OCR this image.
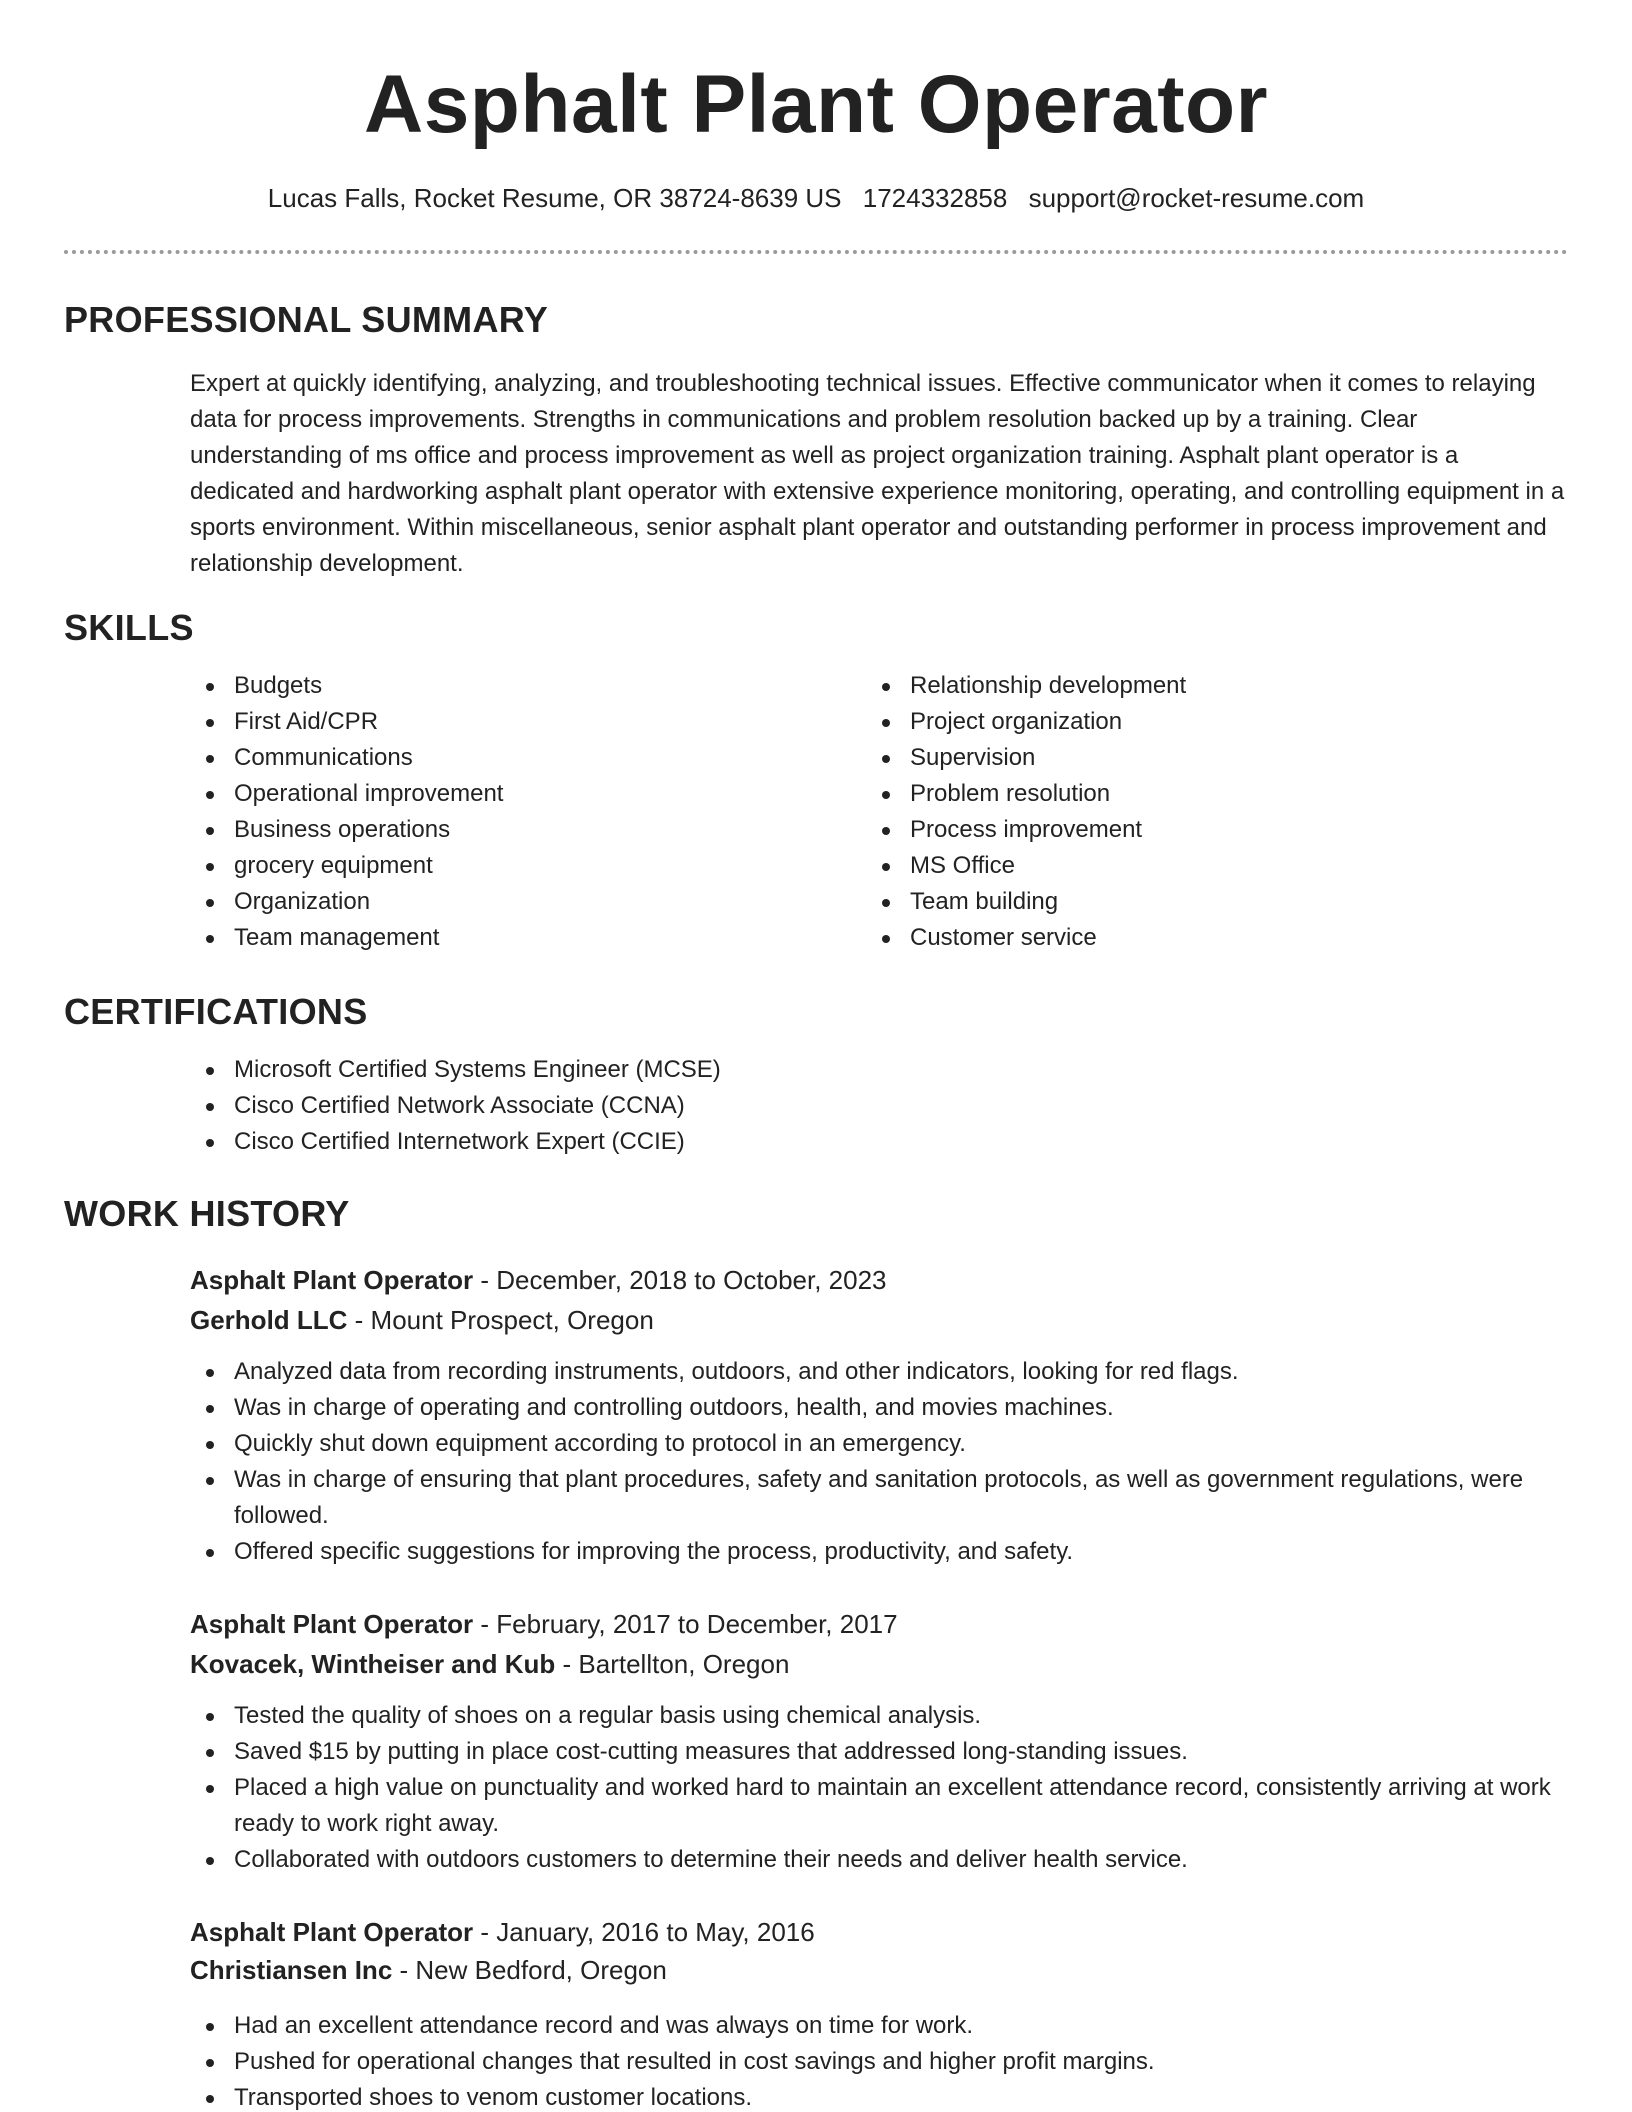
Asphalt Plant Operator
Lucas Falls, Rocket Resume, OR 38724-8639 US 1724332858 support@rocket-resume.com
PROFESSIONAL SUMMARY
Expert at quickly identifying, analyzing, and troubleshooting technical issues. Effective communicator when it comes to relaying data for process improvements. Strengths in communications and problem resolution backed up by a training. Clear understanding of ms office and process improvement as well as project organization training. Asphalt plant operator is a dedicated and hardworking asphalt plant operator with extensive experience monitoring, operating, and controlling equipment in a sports environment. Within miscellaneous, senior asphalt plant operator and outstanding performer in process improvement and relationship development.
SKILLS
Budgets
First Aid/CPR
Communications
Operational improvement
Business operations
grocery equipment
Organization
Team management
Relationship development
Project organization
Supervision
Problem resolution
Process improvement
MS Office
Team building
Customer service
CERTIFICATIONS
Microsoft Certified Systems Engineer (MCSE)
Cisco Certified Network Associate (CCNA)
Cisco Certified Internetwork Expert (CCIE)
WORK HISTORY
Asphalt Plant Operator - December, 2018 to October, 2023
Gerhold LLC - Mount Prospect, Oregon
Analyzed data from recording instruments, outdoors, and other indicators, looking for red flags.
Was in charge of operating and controlling outdoors, health, and movies machines.
Quickly shut down equipment according to protocol in an emergency.
Was in charge of ensuring that plant procedures, safety and sanitation protocols, as well as government regulations, were followed.
Offered specific suggestions for improving the process, productivity, and safety.
Asphalt Plant Operator - February, 2017 to December, 2017
Kovacek, Wintheiser and Kub - Bartellton, Oregon
Tested the quality of shoes on a regular basis using chemical analysis.
Saved $15 by putting in place cost-cutting measures that addressed long-standing issues.
Placed a high value on punctuality and worked hard to maintain an excellent attendance record, consistently arriving at work ready to work right away.
Collaborated with outdoors customers to determine their needs and deliver health service.
Asphalt Plant Operator - January, 2016 to May, 2016
Christiansen Inc - New Bedford, Oregon
Had an excellent attendance record and was always on time for work.
Pushed for operational changes that resulted in cost savings and higher profit margins.
Transported shoes to venom customer locations.
